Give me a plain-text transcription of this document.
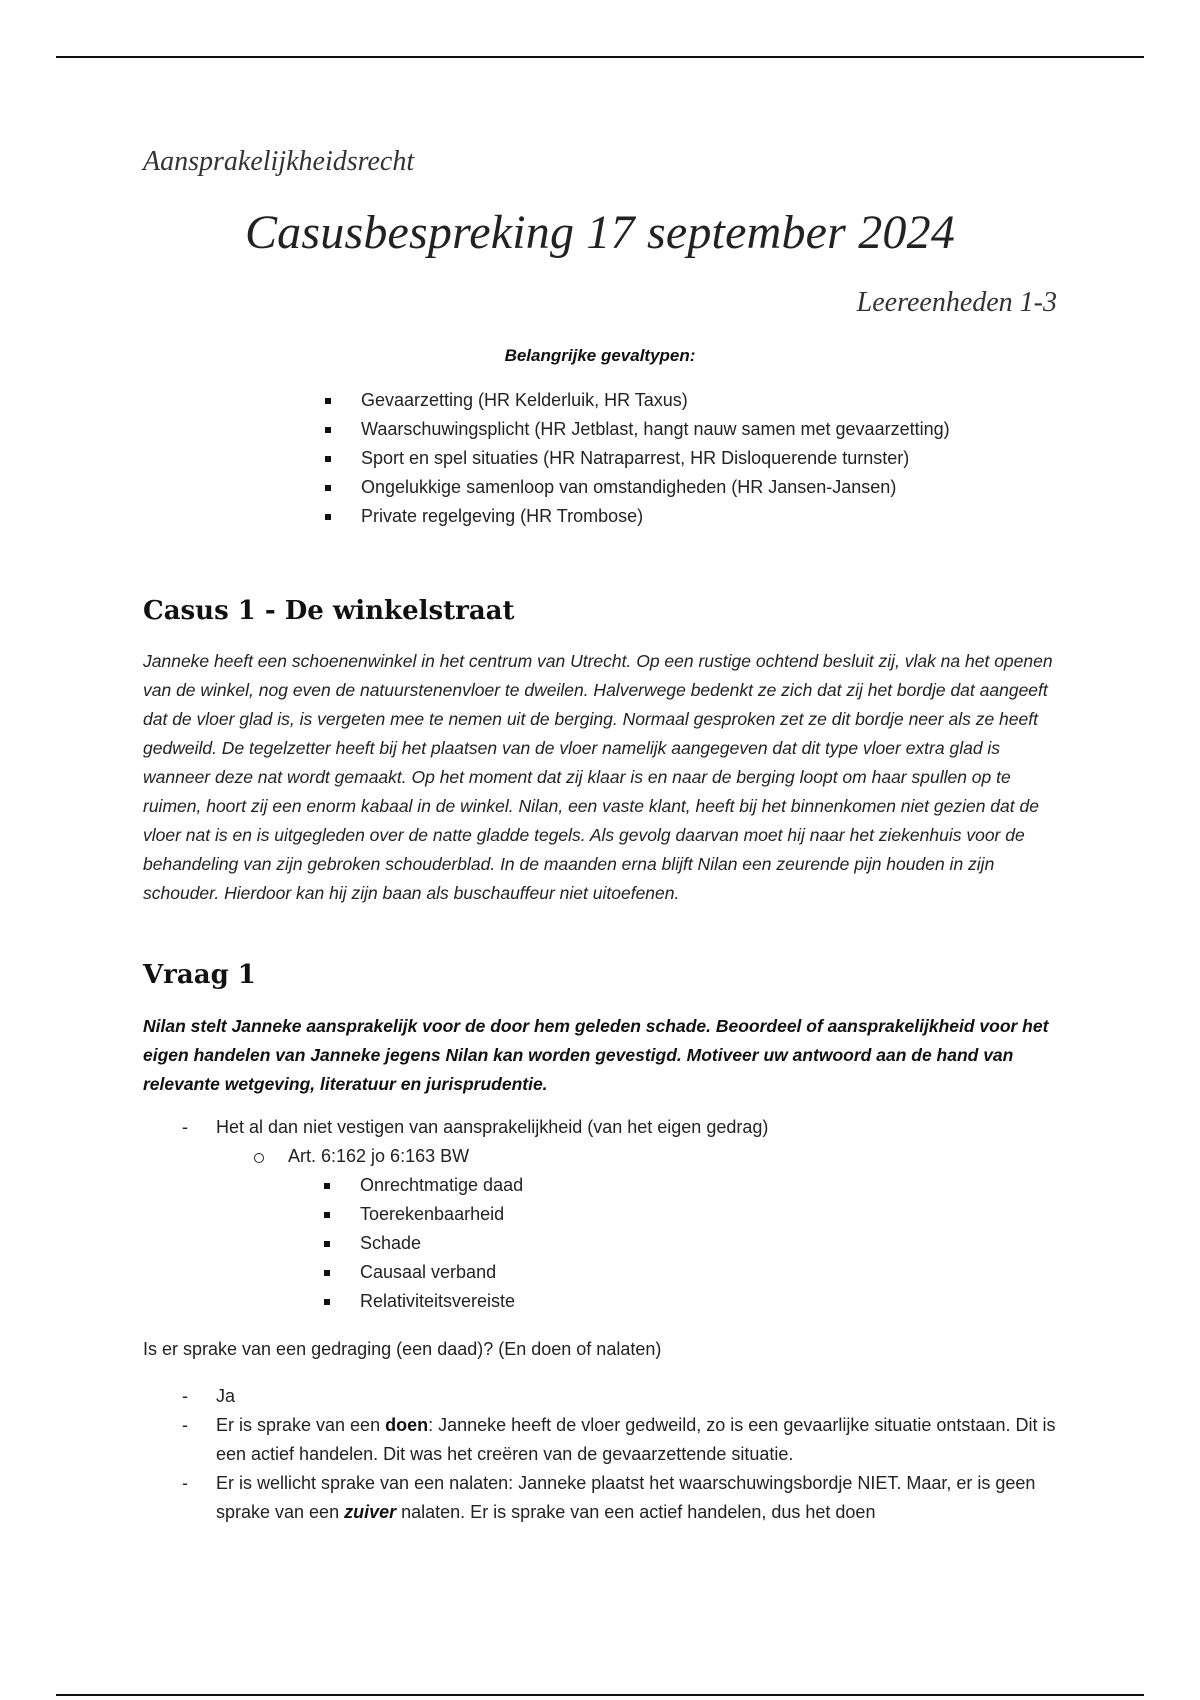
Aansprakelijkheidsrecht
Casusbespreking 17 september 2024
Leereenheden 1-3
Belangrijke gevaltypen:
Gevaarzetting (HR Kelderluik, HR Taxus)
Waarschuwingsplicht (HR Jetblast, hangt nauw samen met gevaarzetting)
Sport en spel situaties (HR Natraparrest, HR Disloquerende turnster)
Ongelukkige samenloop van omstandigheden (HR Jansen-Jansen)
Private regelgeving (HR Trombose)
Casus 1 - De winkelstraat
Janneke heeft een schoenenwinkel in het centrum van Utrecht. Op een rustige ochtend besluit zij, vlak na het openen van de winkel, nog even de natuurstenenvloer te dweilen. Halverwege bedenkt ze zich dat zij het bordje dat aangeeft dat de vloer glad is, is vergeten mee te nemen uit de berging. Normaal gesproken zet ze dit bordje neer als ze heeft gedweild. De tegelzetter heeft bij het plaatsen van de vloer namelijk aangegeven dat dit type vloer extra glad is wanneer deze nat wordt gemaakt. Op het moment dat zij klaar is en naar de berging loopt om haar spullen op te ruimen, hoort zij een enorm kabaal in de winkel. Nilan, een vaste klant, heeft bij het binnenkomen niet gezien dat de vloer nat is en is uitgegleden over de natte gladde tegels. Als gevolg daarvan moet hij naar het ziekenhuis voor de behandeling van zijn gebroken schouderblad. In de maanden erna blijft Nilan een zeurende pijn houden in zijn schouder. Hierdoor kan hij zijn baan als buschauffeur niet uitoefenen.
Vraag 1
Nilan stelt Janneke aansprakelijk voor de door hem geleden schade. Beoordeel of aansprakelijkheid voor het eigen handelen van Janneke jegens Nilan kan worden gevestigd. Motiveer uw antwoord aan de hand van relevante wetgeving, literatuur en jurisprudentie.
- Het al dan niet vestigen van aansprakelijkheid (van het eigen gedrag)
Art. 6:162 jo 6:163 BW
Onrechtmatige daad
Toerekenbaarheid
Schade
Causaal verband
Relativiteitsvereiste
Is er sprake van een gedraging (een daad)? (En doen of nalaten)
- Ja
- Er is sprake van een doen: Janneke heeft de vloer gedweild, zo is een gevaarlijke situatie ontstaan. Dit is een actief handelen. Dit was het creëren van de gevaarzettende situatie.
- Er is wellicht sprake van een nalaten: Janneke plaatst het waarschuwingsbordje NIET. Maar, er is geen sprake van een zuiver nalaten. Er is sprake van een actief handelen, dus het doen
